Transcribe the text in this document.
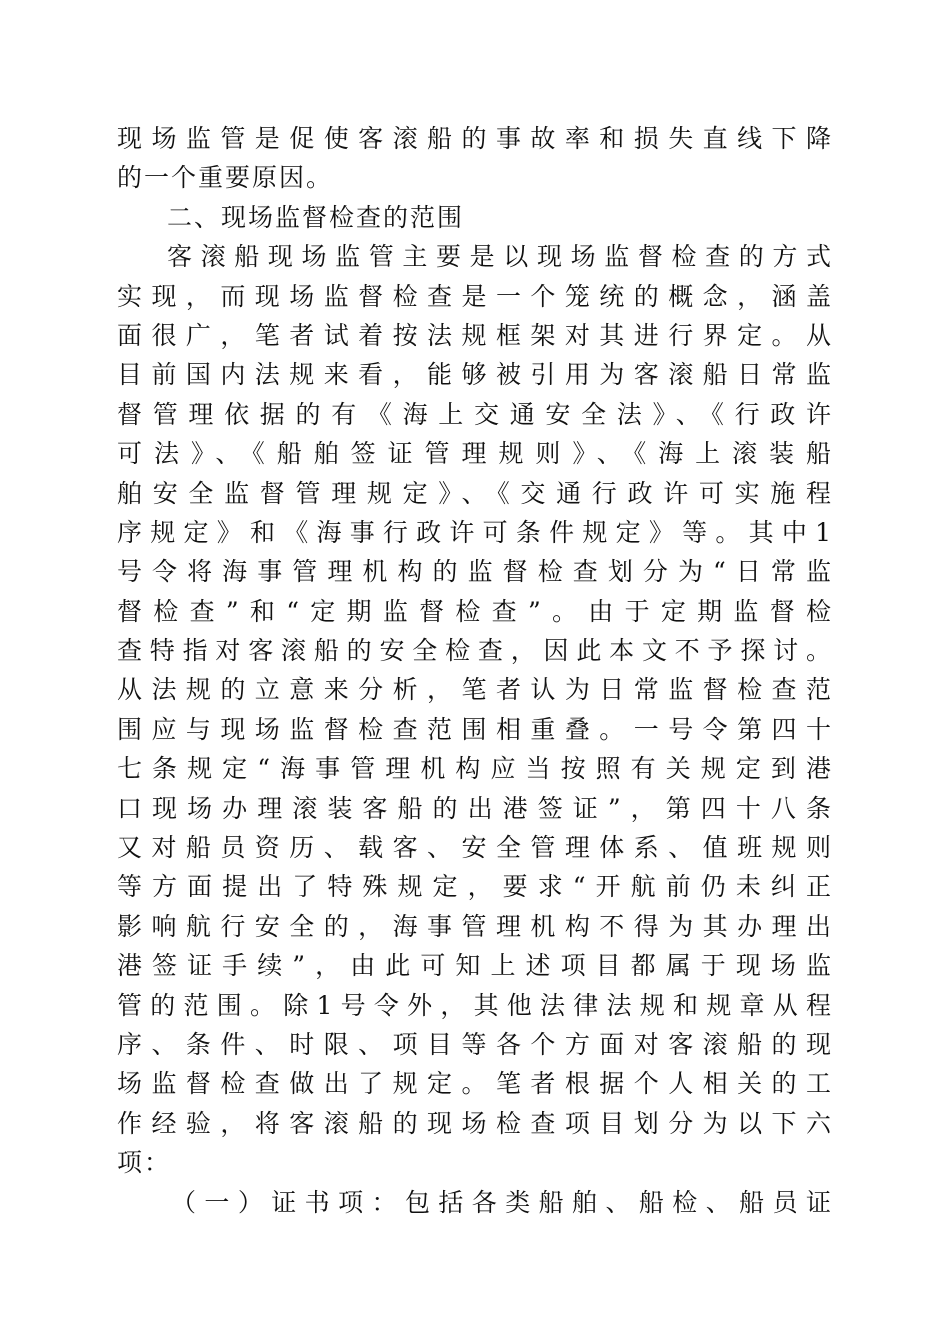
现场监管是促使客滚船的事故率和损失直线下降
的一个重要原因。
二、现场监督检查的范围
客滚船现场监管主要是以现场监督检查的方式
实现，而现场监督检查是一个笼统的概念，涵盖
面很广，笔者试着按法规框架对其进行界定。从
目前国内法规来看，能够被引用为客滚船日常监
督管理依据的有《海上交通安全法》、《行政许
可法》、《船舶签证管理规则》、《海上滚装船
舶安全监督管理规定》、《交通行政许可实施程
序规定》和《海事行政许可条件规定》等。其中1
号令将海事管理机构的监督检查划分为“日常监
督检查”和“定期监督检查”。由于定期监督检
查特指对客滚船的安全检查，因此本文不予探讨。
从法规的立意来分析，笔者认为日常监督检查范
围应与现场监督检查范围相重叠。一号令第四十
七条规定“海事管理机构应当按照有关规定到港
口现场办理滚装客船的出港签证”，第四十八条
又对船员资历、载客、安全管理体系、值班规则
等方面提出了特殊规定，要求“开航前仍未纠正
影响航行安全的，海事管理机构不得为其办理出
港签证手续”，由此可知上述项目都属于现场监
管的范围。除1号令外，其他法律法规和规章从程
序、条件、时限、项目等各个方面对客滚船的现
场监督检查做出了规定。笔者根据个人相关的工
作经验，将客滚船的现场检查项目划分为以下六
项：
（一）证书项：包括各类船舶、船检、船员证
